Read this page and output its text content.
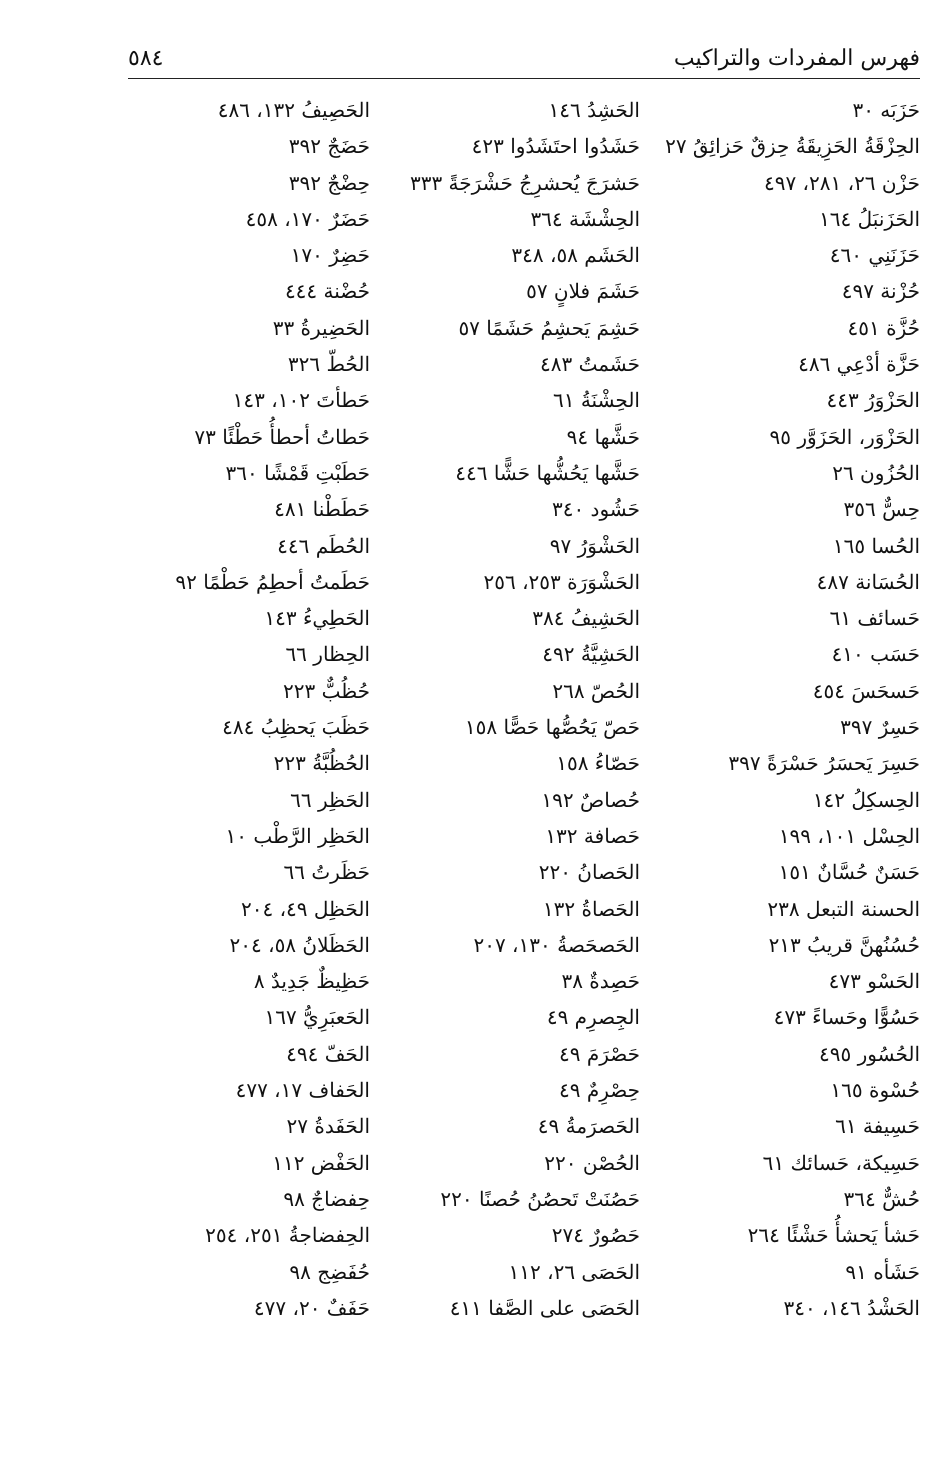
فهرس المفردات والتراكيب
٥٨٤
حَزَبَه ٣٠
الحِزْقَةُ الحَزِيقَةُ حِزقٌ حَزائِقُ ٢٧
حَزْن ٢٦، ٢٨١، ٤٩٧
الحَزَنبَلُ ١٦٤
حَزَنَنِي ٤٦٠
حُزْنة ٤٩٧
حُزَّة ٤٥١
حَزَّة أدْعِي ٤٨٦
الحَزْوَرُ ٤٤٣
الحَزْوَر، الحَزَوَّر ٩٥
الحُزُون ٢٦
حِسٌّ ٣٥٦
الحُسا ١٦٥
الحُسَانة ٤٨٧
حَسائف ٦١
حَسَب ٤١٠
حَسحَسَ ٤٥٤
حَسِرٌ ٣٩٧
حَسِرَ يَحسَرُ حَسْرَةً ٣٩٧
الحِسكِلُ ١٤٢
الحِسْل ١٠١، ١٩٩
حَسَنٌ حُسَّانٌ ١٥١
الحسنة التبعل ٢٣٨
حُسُنُهنَّ قريبُ ٢١٣
الحَسْو ٤٧٣
حَسُوًّا وحَساءً ٤٧٣
الحُسُور ٤٩٥
حُسْوة ١٦٥
حَسِيفة ٦١
حَسِيكة، حَسائك ٦١
حُشٌّ ٣٦٤
حَشأ يَحشأُ حَشْئًا ٢٦٤
حَشَأه ٩١
الحَشْدُ ١٤٦، ٣٤٠
الحَشِدُ ١٤٦
حَشَدُوا احتَشَدُوا ٤٢٣
حَشرَجَ يُحشرِجُ حَشْرَجَةً ٣٣٣
الحِشْشَة ٣٦٤
الحَشَم ٥٨، ٣٤٨
حَشَمَ فلانٍ ٥٧
حَشِمَ يَحشِمُ حَشَمًا ٥٧
حَشَمتُ ٤٨٣
الحِشْنَةُ ٦١
حَشَّها ٩٤
حَشَّها يَحُشُّها حَشًّا ٤٤٦
حَشُود ٣٤٠
الحَشْوَرُ ٩٧
الحَشْوَرَة ٢٥٣، ٢٥٦
الحَشِيفُ ٣٨٤
الحَشِيَّةُ ٤٩٢
الحُصّ ٢٦٨
حَصّ يَحُصُّها حَصًّا ١٥٨
حَصّاءُ ١٥٨
حُصاصٌ ١٩٢
حَصافة ١٣٢
الحَصانُ ٢٢٠
الحَصاةُ ١٣٢
الحَصحَصةُ ١٣٠، ٢٠٧
حَصِدةٌ ٣٨
الجِصرِم ٤٩
حَصْرَمَ ٤٩
حِصْرِمٌ ٤٩
الحَصرَمةُ ٤٩
الحُصْن ٢٢٠
حَصُنَتْ تَحصُنُ حُصنًا ٢٢٠
حَصُورٌ ٢٧٤
الحَصَى ٢٦، ١١٢
الحَصَى على الصَّفا ٤١١
الحَصِيفُ ١٣٢، ٤٨٦
حَضَجٌ ٣٩٢
حِضْجٌ ٣٩٢
حَضَرٌ ١٧٠، ٤٥٨
حَضِرٌ ١٧٠
حُضْنة ٤٤٤
الحَضِيرةُ ٣٣
الحُطّ ٣٢٦
حَطأتَ ١٠٢، ١٤٣
حَطاتُ أحطأُ حَطْئًا ٧٣
حَطَبْتِ قَمْشًا ٣٦٠
حَطَطْنا ٤٨١
الحُطَم ٤٤٦
حَطَمتُ أحطِمُ حَطْمًا ٩٢
الحَطِيءُ ١٤٣
الحِظار ٦٦
حُظُبٌّ ٢٢٣
حَظَبَ يَحظِبُ ٤٨٤
الحُظُبَّةُ ٢٢٣
الحَظِر ٦٦
الحَظِر الرَّطْب ١٠
حَظَرتُ ٦٦
الحَظِل ٤٩، ٢٠٤
الحَظَلانُ ٥٨، ٢٠٤
حَظِيظٌ جَدِيدٌ ٨
الحَعبَرِيُّ ١٦٧
الحَفّ ٤٩٤
الحَفاف ١٧، ٤٧٧
الحَفَدةُ ٢٧
الحَفْض ١١٢
حِفضاجٌ ٩٨
الحِفضاجةُ ٢٥١، ٢٥٤
حُفَضِج ٩٨
حَفَفٌ ٢٠، ٤٧٧
